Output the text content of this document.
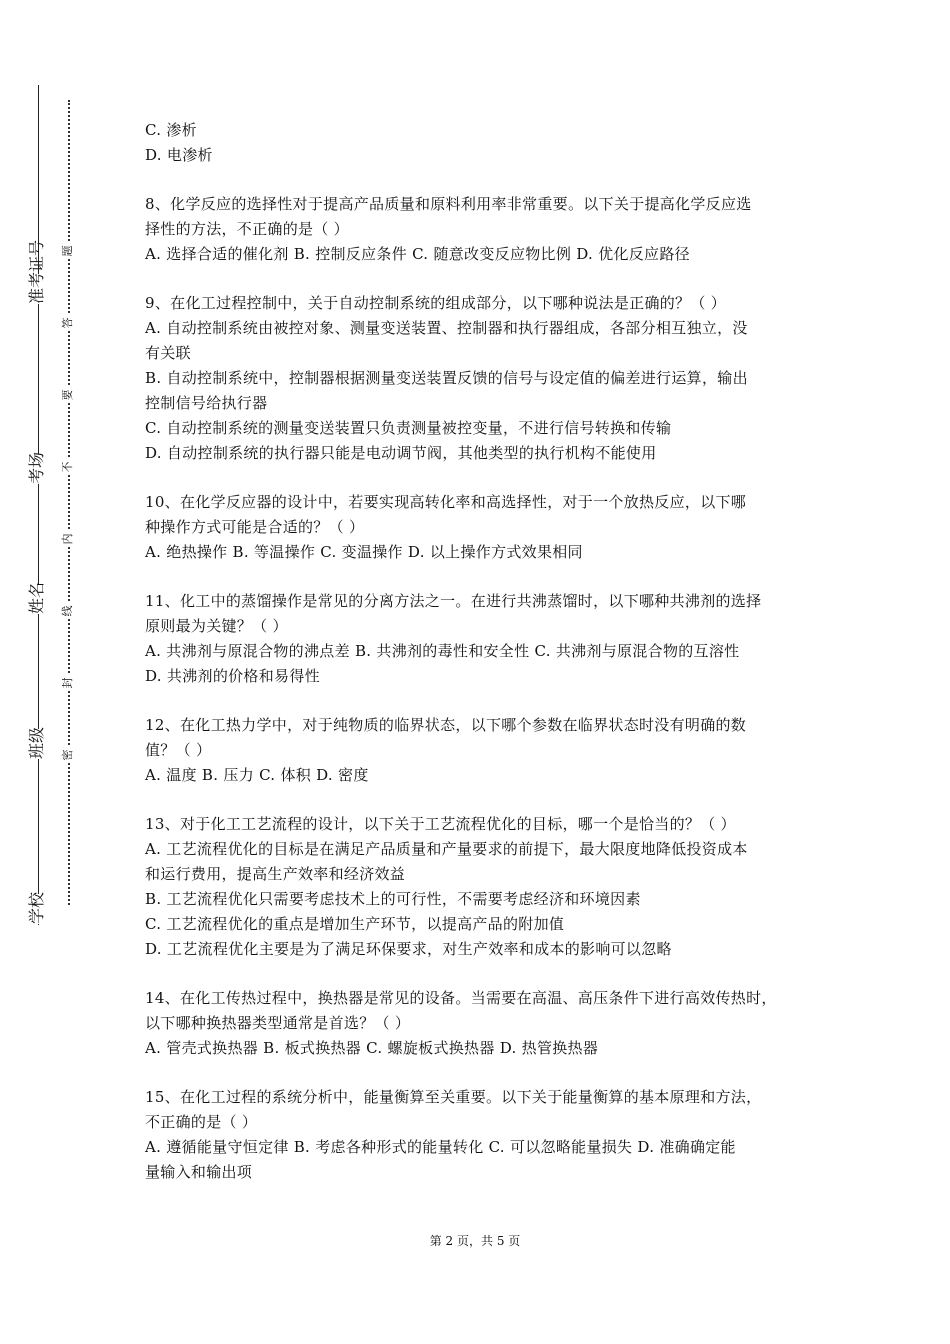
准考证号
考场
姓名
班级
学校
题
答
要
不
内
线
封
密
C. 渗析
D. 电渗析
8、化学反应的选择性对于提高产品质量和原料利用率非常重要。以下关于提高化学反应选
择性的方法，不正确的是（ ）
A. 选择合适的催化剂 B. 控制反应条件 C. 随意改变反应物比例 D. 优化反应路径
9、在化工过程控制中，关于自动控制系统的组成部分，以下哪种说法是正确的？（ ）
A. 自动控制系统由被控对象、测量变送装置、控制器和执行器组成，各部分相互独立，没
有关联
B. 自动控制系统中，控制器根据测量变送装置反馈的信号与设定值的偏差进行运算，输出
控制信号给执行器
C. 自动控制系统的测量变送装置只负责测量被控变量，不进行信号转换和传输
D. 自动控制系统的执行器只能是电动调节阀，其他类型的执行机构不能使用
10、在化学反应器的设计中，若要实现高转化率和高选择性，对于一个放热反应，以下哪
种操作方式可能是合适的？（ ）
A. 绝热操作 B. 等温操作 C. 变温操作 D. 以上操作方式效果相同
11、化工中的蒸馏操作是常见的分离方法之一。在进行共沸蒸馏时，以下哪种共沸剂的选择
原则最为关键？（ ）
A. 共沸剂与原混合物的沸点差 B. 共沸剂的毒性和安全性 C. 共沸剂与原混合物的互溶性
D. 共沸剂的价格和易得性
12、在化工热力学中，对于纯物质的临界状态，以下哪个参数在临界状态时没有明确的数
值？（ ）
A. 温度 B. 压力 C. 体积 D. 密度
13、对于化工工艺流程的设计，以下关于工艺流程优化的目标，哪一个是恰当的？（ ）
A. 工艺流程优化的目标是在满足产品质量和产量要求的前提下，最大限度地降低投资成本
和运行费用，提高生产效率和经济效益
B. 工艺流程优化只需要考虑技术上的可行性，不需要考虑经济和环境因素
C. 工艺流程优化的重点是增加生产环节，以提高产品的附加值
D. 工艺流程优化主要是为了满足环保要求，对生产效率和成本的影响可以忽略
14、在化工传热过程中，换热器是常见的设备。当需要在高温、高压条件下进行高效传热时，
以下哪种换热器类型通常是首选？（ ）
A. 管壳式换热器 B. 板式换热器 C. 螺旋板式换热器 D. 热管换热器
15、在化工过程的系统分析中，能量衡算至关重要。以下关于能量衡算的基本原理和方法，
不正确的是（ ）
A. 遵循能量守恒定律 B. 考虑各种形式的能量转化 C. 可以忽略能量损失 D. 准确确定能
量输入和输出项
第 2 页，共 5 页
